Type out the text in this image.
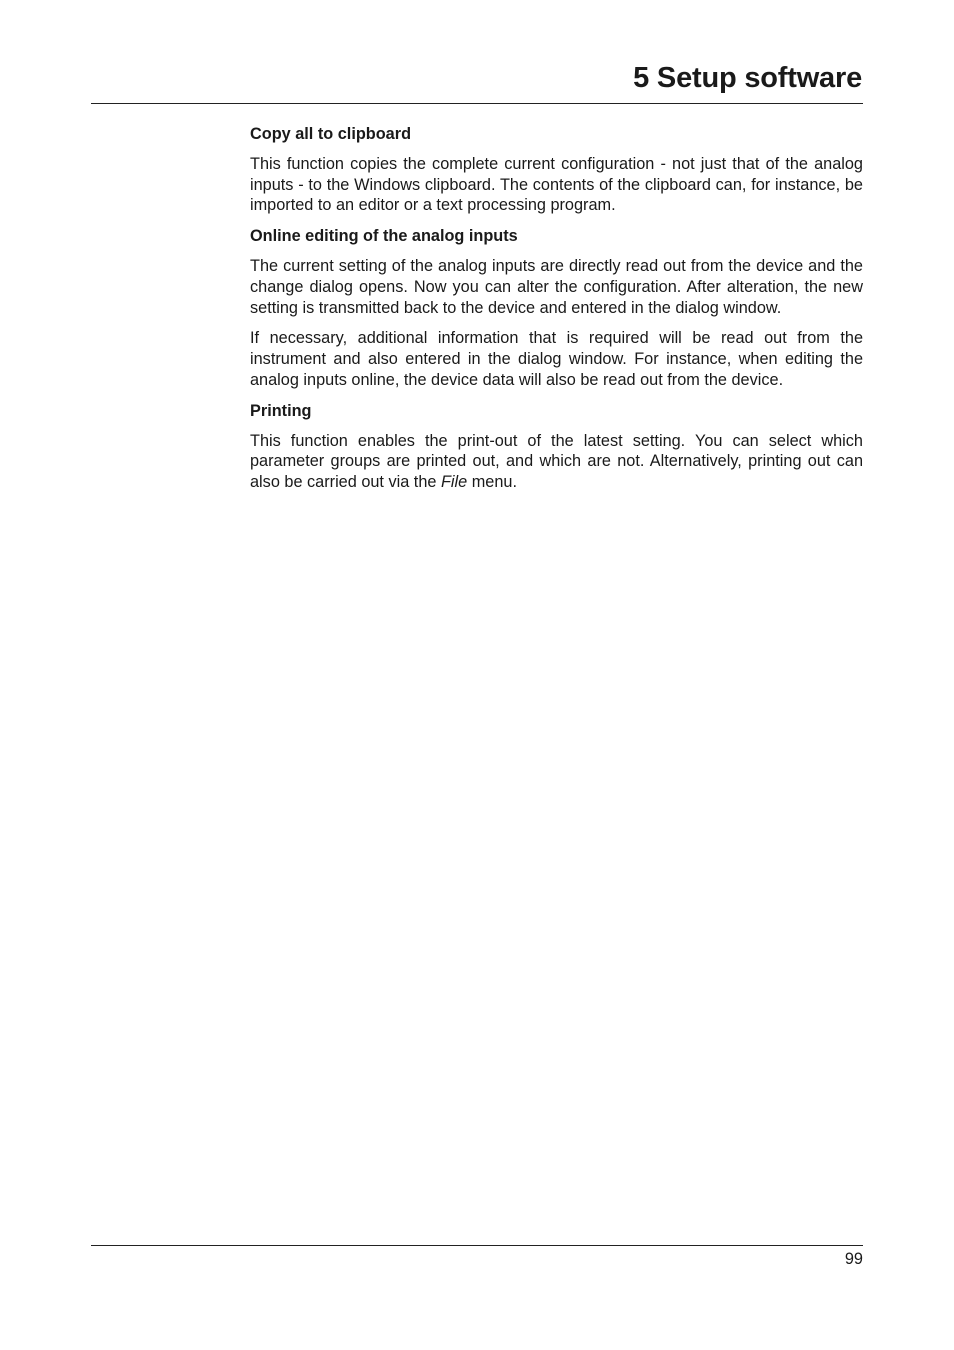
5 Setup software
Copy all to clipboard

This function copies the complete current configuration - not just that of the analog inputs - to the Windows clipboard. The contents of the clipboard can, for instance, be imported to an editor or a text processing program.

Online editing of the analog inputs

The current setting of the analog inputs are directly read out from the device and the change dialog opens. Now you can alter the configuration. After alteration, the new setting is transmitted back to the device and entered in the dialog window.

If necessary, additional information that is required will be read out from the instrument and also entered in the dialog window. For instance, when editing the analog inputs online, the device data will also be read out from the device.

Printing

This function enables the print-out of the latest setting. You can select which parameter groups are printed out, and which are not. Alternatively, printing out can also be carried out via the File menu.

99
